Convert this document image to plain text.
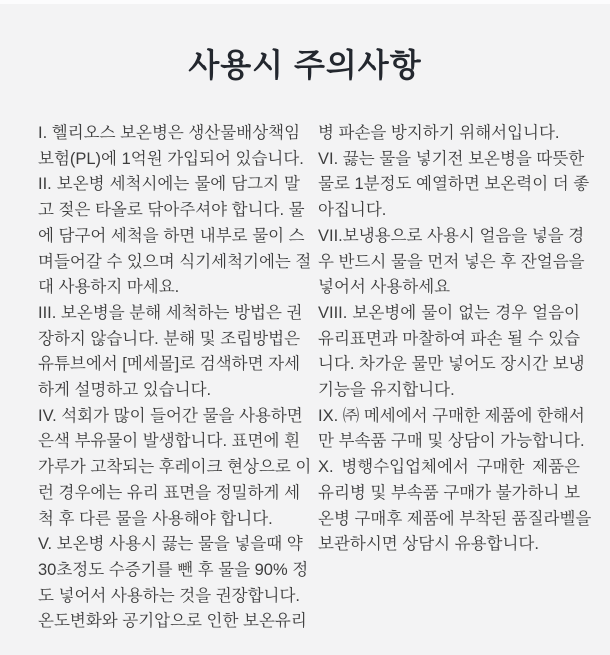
사용시 주의사항
I. 헬리오스 보온병은 생산물배상책임
보험(PL)에 1억원 가입되어 있습니다.
II. 보온병 세척시에는 물에 담그지 말
고 젖은 타올로 닦아주셔야 합니다. 물
에 담구어 세척을 하면 내부로 물이 스
며들어갈 수 있으며 식기세척기에는 절
대 사용하지 마세요.
III. 보온병을 분해 세척하는 방법은 권
장하지 않습니다. 분해 및 조립방법은
유튜브에서 [메세몰]로 검색하면 자세
하게 설명하고 있습니다.
IV. 석회가 많이 들어간 물을 사용하면
은색 부유물이 발생합니다. 표면에 흰
가루가 고착되는 후레이크 현상으로 이
런 경우에는 유리 표면을 정밀하게 세
척 후 다른 물을 사용해야 합니다.
V. 보온병 사용시 끓는 물을 넣을때 약
30초정도 수증기를 뺀 후 물을 90% 정
도 넣어서 사용하는 것을 권장합니다.
온도변화와 공기압으로 인한 보온유리
병 파손을 방지하기 위해서입니다.
VI. 끓는 물을 넣기전 보온병을 따뜻한
물로 1분정도 예열하면 보온력이 더 좋
아집니다.
VII.보냉용으로 사용시 얼음을 넣을 경
우 반드시 물을 먼저 넣은 후 잔얼음을
넣어서 사용하세요
VIII. 보온병에 물이 없는 경우 얼음이
유리표면과 마찰하여 파손 될 수 있습
니다. 차가운 물만 넣어도 장시간 보냉
기능을 유지합니다.
IX. ㈜ 메세에서 구매한 제품에 한해서
만 부속품 구매 및 상담이 가능합니다.
X. 병행수입업체에서 구매한 제품은
유리병 및 부속품 구매가 불가하니 보
온병 구매후 제품에 부착된 품질라벨을
보관하시면 상담시 유용합니다.
